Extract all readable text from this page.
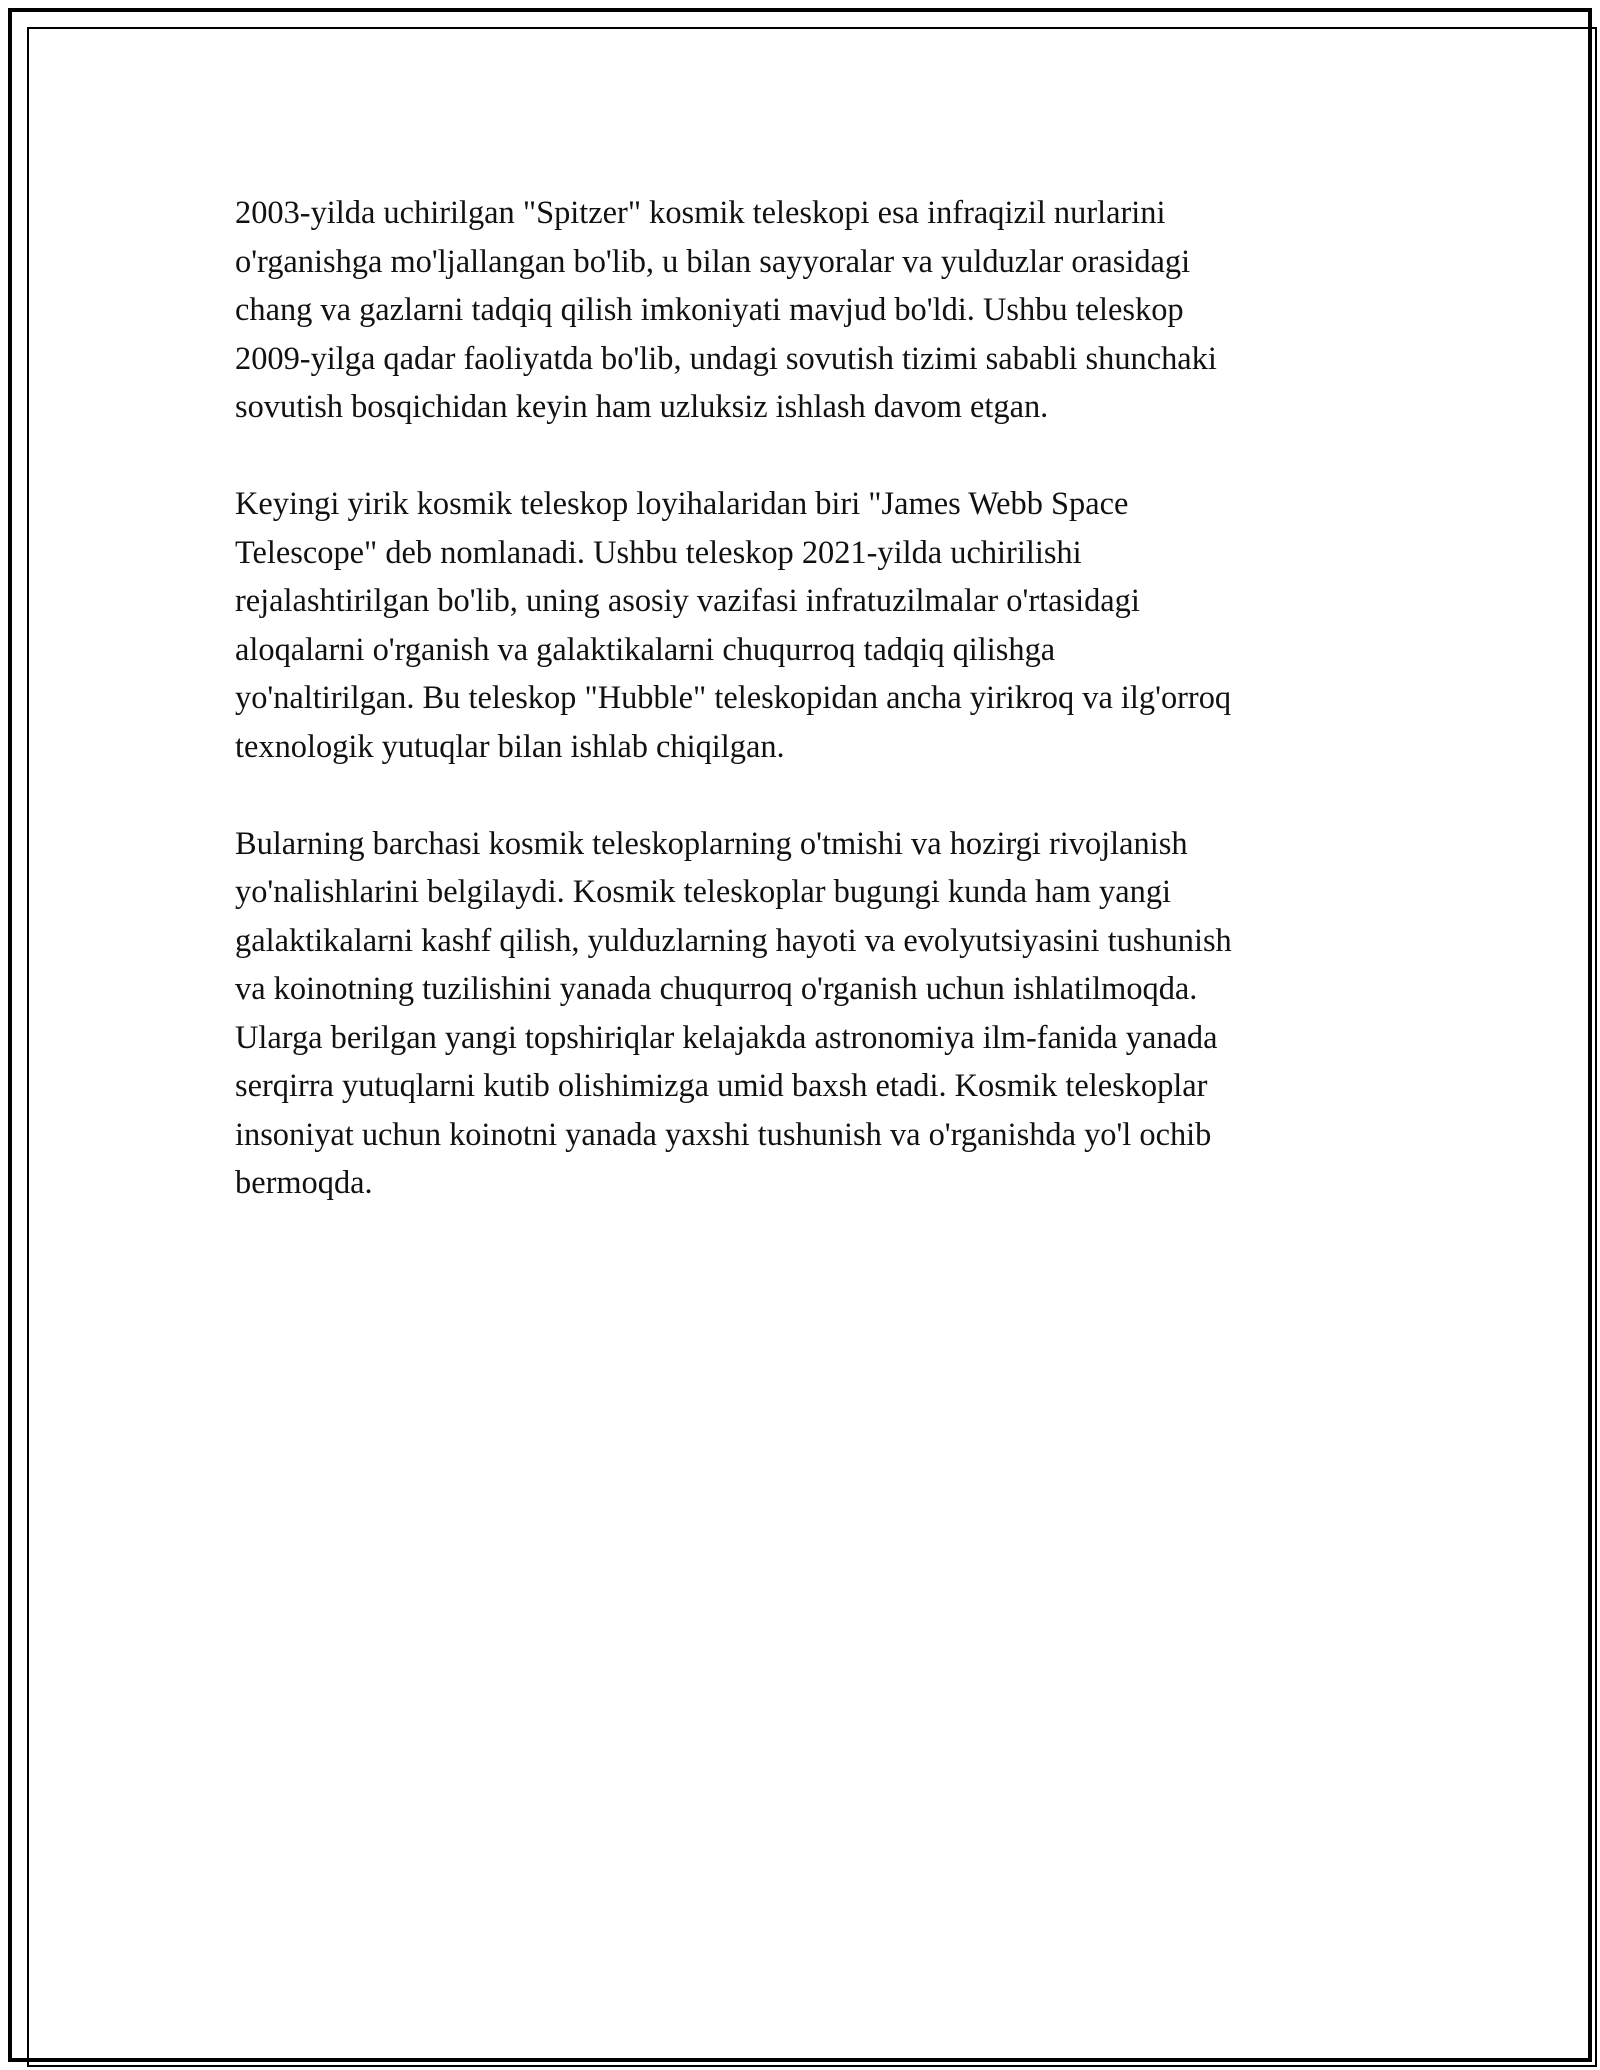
2003-yilda uchirilgan "Spitzer" kosmik teleskopi esa infraqizil nurlarini
o'rganishga mo'ljallangan bo'lib, u bilan sayyoralar va yulduzlar orasidagi
chang va gazlarni tadqiq qilish imkoniyati mavjud bo'ldi. Ushbu teleskop
2009-yilga qadar faoliyatda bo'lib, undagi sovutish tizimi sababli shunchaki
sovutish bosqichidan keyin ham uzluksiz ishlash davom etgan.

Keyingi yirik kosmik teleskop loyihalaridan biri "James Webb Space
Telescope" deb nomlanadi. Ushbu teleskop 2021-yilda uchirilishi
rejalashtirilgan bo'lib, uning asosiy vazifasi infratuzilmalar o'rtasidagi
aloqalarni o'rganish va galaktikalarni chuqurroq tadqiq qilishga
yo'naltirilgan. Bu teleskop "Hubble" teleskopidan ancha yirikroq va ilg'orroq
texnologik yutuqlar bilan ishlab chiqilgan.

Bularning barchasi kosmik teleskoplarning o'tmishi va hozirgi rivojlanish
yo'nalishlarini belgilaydi. Kosmik teleskoplar bugungi kunda ham yangi
galaktikalarni kashf qilish, yulduzlarning hayoti va evolyutsiyasini tushunish
va koinotning tuzilishini yanada chuqurroq o'rganish uchun ishlatilmoqda.
Ularga berilgan yangi topshiriqlar kelajakda astronomiya ilm-fanida yanada
serqirra yutuqlarni kutib olishimizga umid baxsh etadi. Kosmik teleskoplar
insoniyat uchun koinotni yanada yaxshi tushunish va o'rganishda yo'l ochib
bermoqda.
